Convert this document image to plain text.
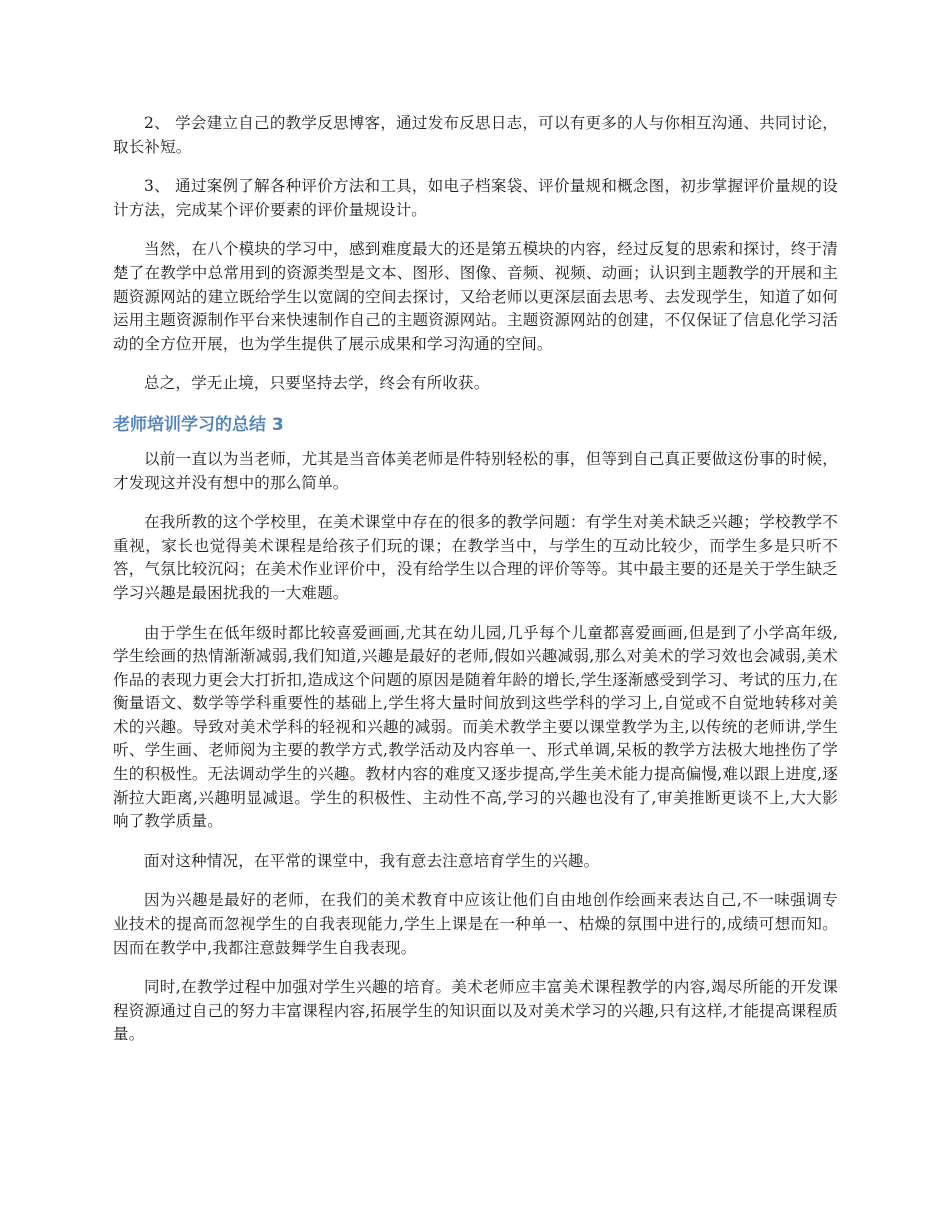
2、 学会建立自己的教学反思博客，通过发布反思日志，可以有更多的人与你相互沟通、共同讨论，取长补短。

3、 通过案例了解各种评价方法和工具，如电子档案袋、评价量规和概念图，初步掌握评价量规的设计方法，完成某个评价要素的评价量规设计。

当然，在八个模块的学习中，感到难度最大的还是第五模块的内容，经过反复的思索和探讨，终于清楚了在教学中总常用到的资源类型是文本、图形、图像、音频、视频、动画；认识到主题教学的开展和主题资源网站的建立既给学生以宽阔的空间去探讨，又给老师以更深层面去思考、去发现学生，知道了如何运用主题资源制作平台来快速制作自己的主题资源网站。主题资源网站的创建，不仅保证了信息化学习活动的全方位开展，也为学生提供了展示成果和学习沟通的空间。

总之，学无止境，只要坚持去学，终会有所收获。

老师培训学习的总结 3

以前一直以为当老师，尤其是当音体美老师是件特别轻松的事，但等到自己真正要做这份事的时候，才发现这并没有想中的那么简单。

在我所教的这个学校里，在美术课堂中存在的很多的教学问题：有学生对美术缺乏兴趣；学校教学不重视，家长也觉得美术课程是给孩子们玩的课；在教学当中，与学生的互动比较少，而学生多是只听不答，气氛比较沉闷；在美术作业评价中，没有给学生以合理的评价等等。其中最主要的还是关于学生缺乏学习兴趣是最困扰我的一大难题。

由于学生在低年级时都比较喜爱画画,尤其在幼儿园,几乎每个儿童都喜爱画画,但是到了小学高年级,学生绘画的热情渐渐减弱,我们知道,兴趣是最好的老师,假如兴趣减弱,那么对美术的学习效也会减弱,美术作品的表现力更会大打折扣,造成这个问题的原因是随着年龄的增长,学生逐渐感受到学习、考试的压力,在衡量语文、数学等学科重要性的基础上,学生将大量时间放到这些学科的学习上,自觉或不自觉地转移对美术的兴趣。导致对美术学科的轻视和兴趣的减弱。而美术教学主要以课堂教学为主,以传统的老师讲,学生听、学生画、老师阅为主要的教学方式,教学活动及内容单一、形式单调,呆板的教学方法极大地挫伤了学生的积极性。无法调动学生的兴趣。教材内容的难度又逐步提高,学生美术能力提高偏慢,难以跟上进度,逐渐拉大距离,兴趣明显减退。学生的积极性、主动性不高,学习的兴趣也没有了,审美推断更谈不上,大大影响了教学质量。

面对这种情况，在平常的课堂中，我有意去注意培育学生的兴趣。

因为兴趣是最好的老师，在我们的美术教育中应该让他们自由地创作绘画来表达自己,不一味强调专业技术的提高而忽视学生的自我表现能力,学生上课是在一种单一、枯燥的氛围中进行的,成绩可想而知。因而在教学中,我都注意鼓舞学生自我表现。

同时,在教学过程中加强对学生兴趣的培育。美术老师应丰富美术课程教学的内容,竭尽所能的开发课程资源通过自己的努力丰富课程内容,拓展学生的知识面以及对美术学习的兴趣,只有这样,才能提高课程质量。
